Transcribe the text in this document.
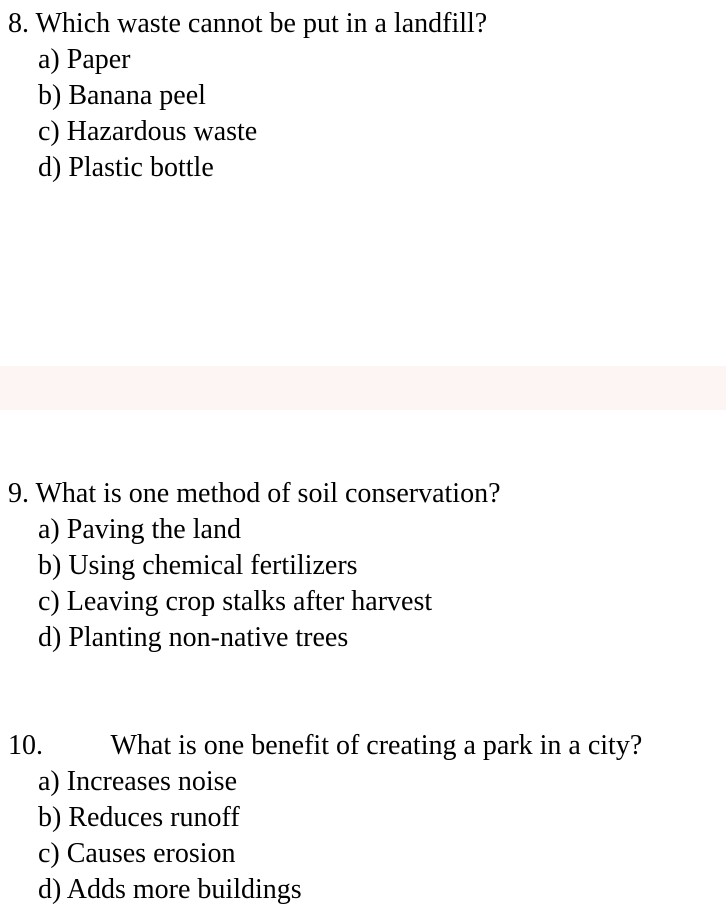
8. Which waste cannot be put in a landfill?
a) Paper
b) Banana peel
c) Hazardous waste
d) Plastic bottle
9. What is one method of soil conservation?
a) Paving the land
b) Using chemical fertilizers
c) Leaving crop stalks after harvest
d) Planting non-native trees
10. What is one benefit of creating a park in a city?
a) Increases noise
b) Reduces runoff
c) Causes erosion
d) Adds more buildings
